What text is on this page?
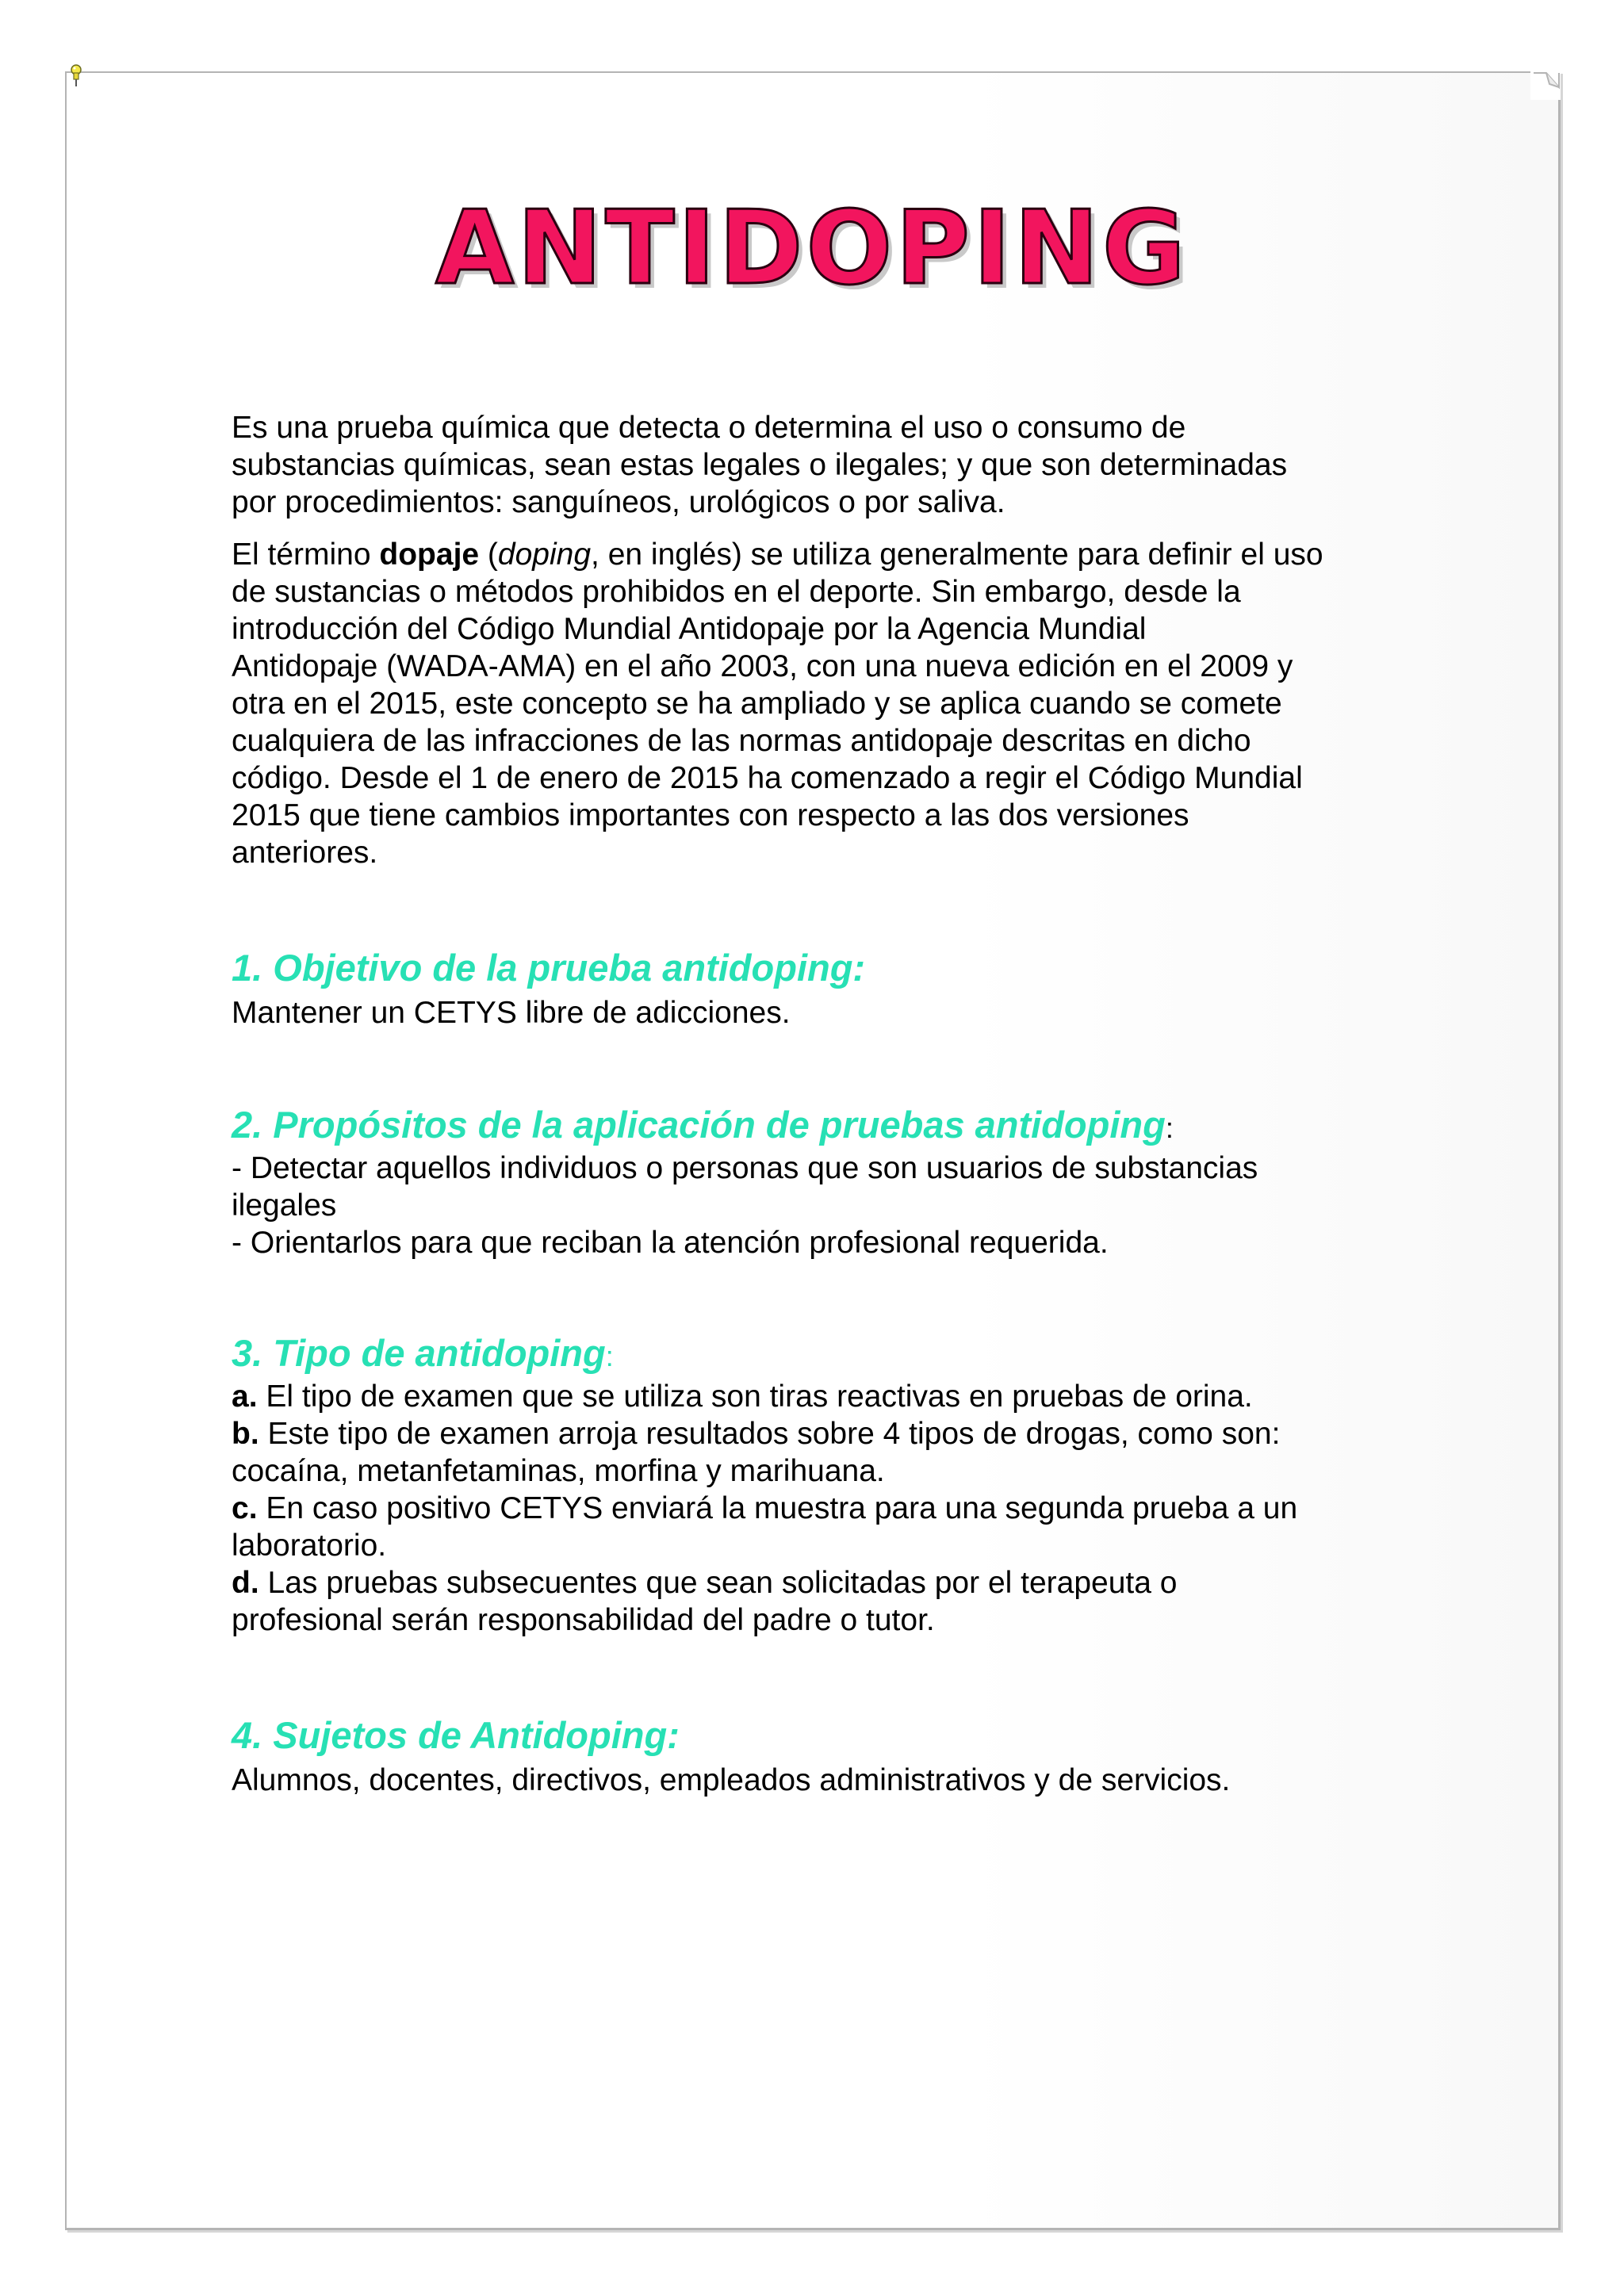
ANTIDOPING

Es una prueba química que detecta o determina el uso o consumo de
substancias químicas, sean estas legales o ilegales; y que son determinadas
por procedimientos: sanguíneos, urológicos o por saliva.

El término dopaje (doping, en inglés) se utiliza generalmente para definir el uso
de sustancias o métodos prohibidos en el deporte. Sin embargo, desde la
introducción del Código Mundial Antidopaje por la Agencia Mundial
Antidopaje (WADA-AMA) en el año 2003, con una nueva edición en el 2009 y
otra en el 2015, este concepto se ha ampliado y se aplica cuando se comete
cualquiera de las infracciones de las normas antidopaje descritas en dicho
código. Desde el 1 de enero de 2015 ha comenzado a regir el Código Mundial
2015 que tiene cambios importantes con respecto a las dos versiones
anteriores.

1. Objetivo de la prueba antidoping:

Mantener un CETYS libre de adicciones.

2. Propósitos de la aplicación de pruebas antidoping:

- Detectar aquellos individuos o personas que son usuarios de substancias
ilegales
- Orientarlos para que reciban la atención profesional requerida.

3. Tipo de antidoping:

a. El tipo de examen que se utiliza son tiras reactivas en pruebas de orina.
b. Este tipo de examen arroja resultados sobre 4 tipos de drogas, como son:
cocaína, metanfetaminas, morfina y marihuana.
c. En caso positivo CETYS enviará la muestra para una segunda prueba a un
laboratorio.
d. Las pruebas subsecuentes que sean solicitadas por el terapeuta o
profesional serán responsabilidad del padre o tutor.

4. Sujetos de Antidoping:

Alumnos, docentes, directivos, empleados administrativos y de servicios.
